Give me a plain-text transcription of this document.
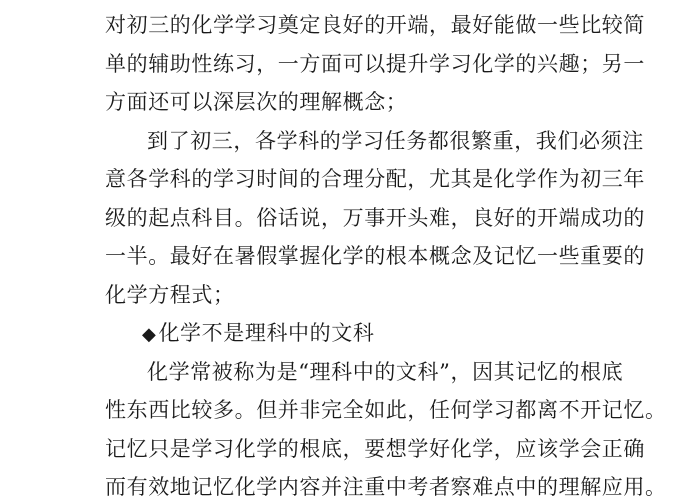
对初三的化学学习奠定良好的开端，最好能做一些比较简
单的辅助性练习，一方面可以提升学习化学的兴趣；另一
方面还可以深层次的理解概念；
到了初三，各学科的学习任务都很繁重，我们必须注
意各学科的学习时间的合理分配，尤其是化学作为初三年
级的起点科目。俗话说，万事开头难，良好的开端成功的
一半。最好在暑假掌握化学的根本概念及记忆一些重要的
化学方程式；
◆化学不是理科中的文科
化学常被称为是“理科中的文科”，因其记忆的根底
性东西比较多。但并非完全如此，任何学习都离不开记忆。
记忆只是学习化学的根底，要想学好化学，应该学会正确
而有效地记忆化学内容并注重中考者察难点中的理解应用。
